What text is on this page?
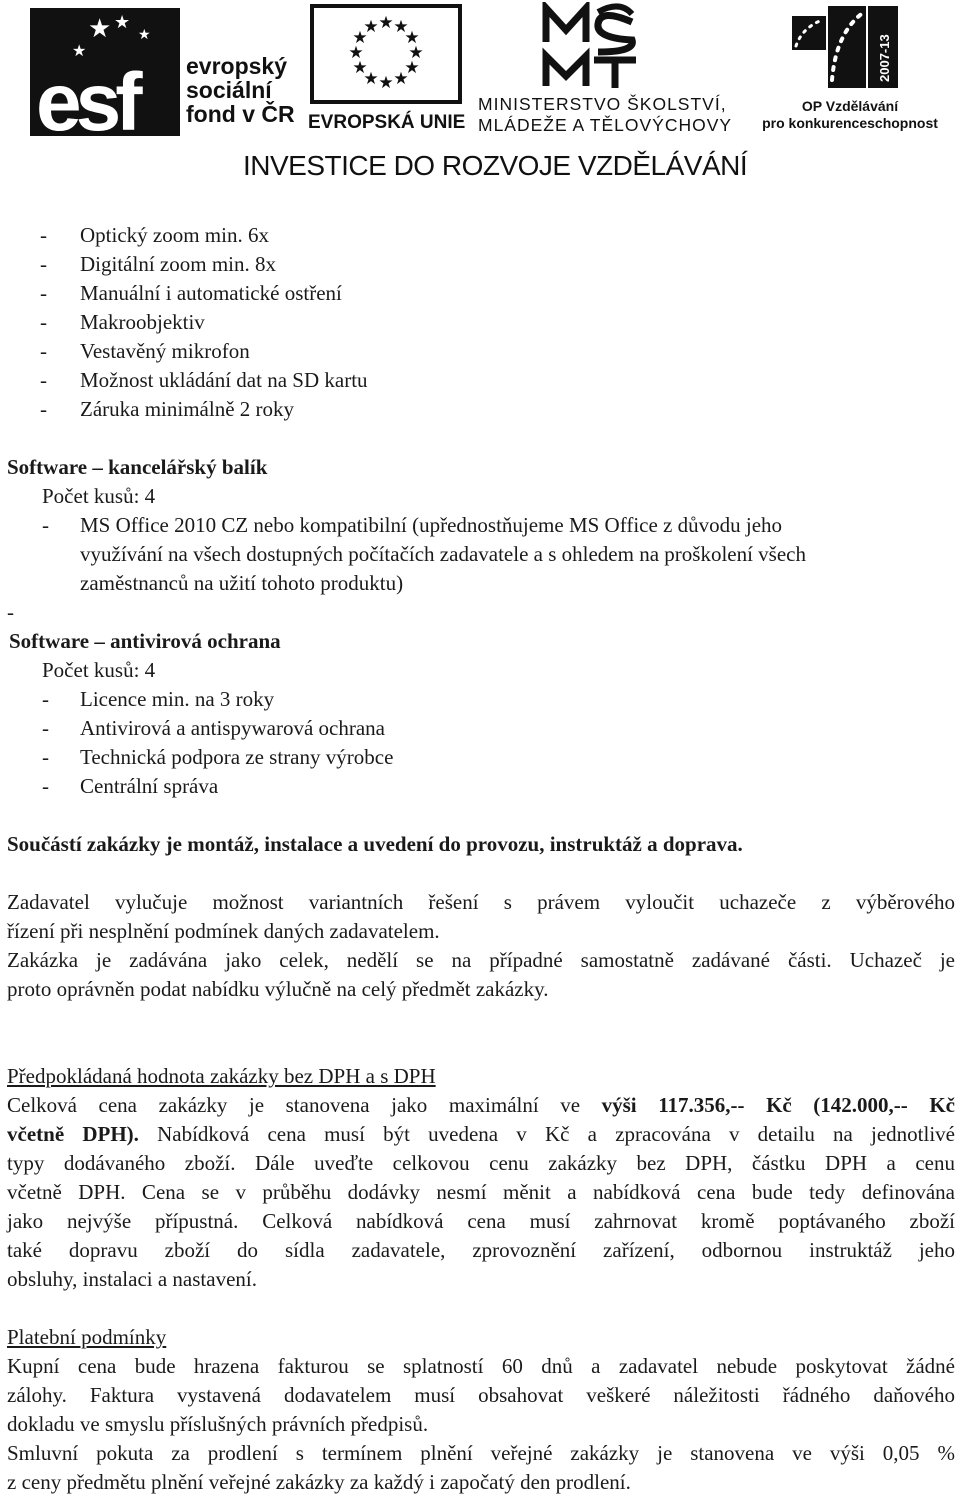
★ ★
★
★
esf evropský
sociální
fond v ČR
★ ★
★
★
★
★
★
★
★
★
★
★
EVROPSKÁ UNIE
MINISTERSTVO ŠKOLSTVÍ,
MLÁDEŽE A TĚLOVÝCHOVY
2007-13
OP Vzdělávání
pro konkurenceschopnost
INVESTICE DO ROZVOJE VZDĚLÁVÁNÍ
- Optický zoom min. 6x
- Digitální zoom min. 8x
- Manuální i automatické ostření
- Makroobjektiv
- Vestavěný mikrofon
- Možnost ukládání dat na SD kartu
- Záruka minimálně 2 roky
Software – kancelářský balík
Počet kusů: 4
- MS Office 2010 CZ nebo kompatibilní (upřednostňujeme MS Office z důvodu jeho
využívání na všech dostupných počítačích zadavatele a s ohledem na proškolení všech
zaměstnanců na užití tohoto produktu)
-
Software – antivirová ochrana
Počet kusů: 4
- Licence min. na 3 roky
- Antivirová a antispywarová ochrana
- Technická podpora ze strany výrobce
- Centrální správa
Součástí zakázky je montáž, instalace a uvedení do provozu, instruktáž a doprava.
Zadavatel vylučuje možnost variantních řešení s právem vyloučit uchazeče z výběrového
řízení při nesplnění podmínek daných zadavatelem.
Zakázka je zadávána jako celek, nedělí se na případné samostatně zadávané části. Uchazeč je
proto oprávněn podat nabídku výlučně na celý předmět zakázky.
Předpokládaná hodnota zakázky bez DPH a s DPH
Celková cena zakázky je stanovena jako maximální ve výši 117.356,-- Kč (142.000,-- Kč
včetně DPH). Nabídková cena musí být uvedena v Kč a zpracována v detailu na jednotlivé
typy dodávaného zboží. Dále uveďte celkovou cenu zakázky bez DPH, částku DPH a cenu
včetně DPH. Cena se v průběhu dodávky nesmí měnit a nabídková cena bude tedy definována
jako nejvýše přípustná. Celková nabídková cena musí zahrnovat kromě poptávaného zboží
také dopravu zboží do sídla zadavatele, zprovoznění zařízení, odbornou instruktáž jeho
obsluhy, instalaci a nastavení.
Platební podmínky
Kupní cena bude hrazena fakturou se splatností 60 dnů a zadavatel nebude poskytovat žádné
zálohy. Faktura vystavená dodavatelem musí obsahovat veškeré náležitosti řádného daňového
dokladu ve smyslu příslušných právních předpisů.
Smluvní pokuta za prodlení s termínem plnění veřejné zakázky je stanovena ve výši 0,05 %
z ceny předmětu plnění veřejné zakázky za každý i započatý den prodlení.
